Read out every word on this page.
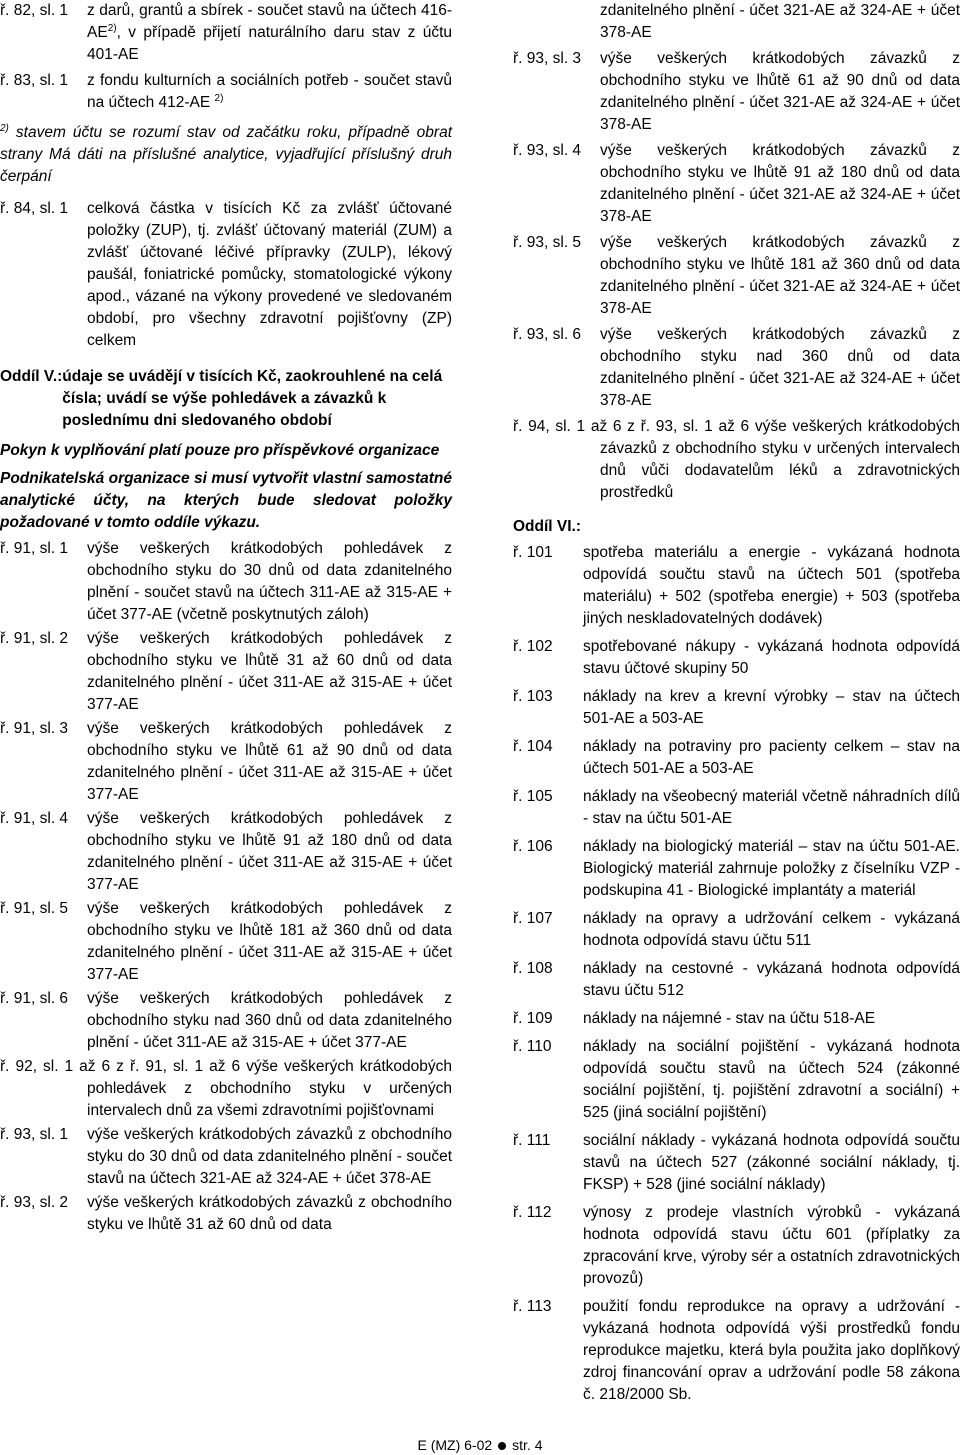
ř. 82, sl. 1 z darů, grantů a sbírek - součet stavů na účtech 416-AE$^{2)}$, v případě přijetí naturálního daru stav z účtu 401-AE
ř. 83, sl. 1 z fondu kulturních a sociálních potřeb - součet stavů na účtech 412-AE $^{2)}$
$^{2)}$ stavem účtu se rozumí stav od začátku roku, případně obrat strany Má dáti na příslušné analytice, vyjadřující příslušný druh čerpání
ř. 84, sl. 1 celková částka v tisících Kč za zvlášť účtované položky (ZUP), tj. zvlášť účtovaný materiál (ZUM) a zvlášť účtované léčivé přípravky (ZULP), lékový paušál, foniatrické pomůcky, stomatologické výkony apod., vázané na výkony provedené ve sledovaném období, pro všechny zdravotní pojišťovny (ZP) celkem
Oddíl V.: údaje se uvádějí v tisících Kč, zaokrouhlené na celá čísla; uvádí se výše pohledávek a závazků k poslednímu dni sledovaného období
Pokyn k vyplňování platí pouze pro příspěvkové organizace
Podnikatelská organizace si musí vytvořit vlastní samostatné analytické účty, na kterých bude sledovat položky požadované v tomto oddíle výkazu.
ř. 91, sl. 1 výše veškerých krátkodobých pohledávek z obchodního styku do 30 dnů od data zdanitelného plnění - součet stavů na účtech 311-AE až 315-AE + účet 377-AE (včetně poskytnutých záloh)
ř. 91, sl. 2 výše veškerých krátkodobých pohledávek z obchodního styku ve lhůtě 31 až 60 dnů od data zdanitelného plnění - účet 311-AE až 315-AE + účet 377-AE
ř. 91, sl. 3 výše veškerých krátkodobých pohledávek z obchodního styku ve lhůtě 61 až 90 dnů od data zdanitelného plnění - účet 311-AE až 315-AE + účet 377-AE
ř. 91, sl. 4 výše veškerých krátkodobých pohledávek z obchodního styku ve lhůtě 91 až 180 dnů od data zdanitelného plnění - účet 311-AE až 315-AE + účet 377-AE
ř. 91, sl. 5 výše veškerých krátkodobých pohledávek z obchodního styku ve lhůtě 181 až 360 dnů od data zdanitelného plnění - účet 311-AE až 315-AE + účet 377-AE
ř. 91, sl. 6 výše veškerých krátkodobých pohledávek z obchodního styku nad 360 dnů od data zdanitelného plnění - účet 311-AE až 315-AE + účet 377-AE
ř. 92, sl. 1 až 6 z ř. 91, sl. 1 až 6 výše veškerých krátkodobých pohledávek z obchodního styku v určených intervalech dnů za všemi zdravotními pojišťovnami
ř. 93, sl. 1 výše veškerých krátkodobých závazků z obchodního styku do 30 dnů od data zdanitelného plnění - součet stavů na účtech 321-AE až 324-AE + účet 378-AE
ř. 93, sl. 2 výše veškerých krátkodobých závazků z obchodního styku ve lhůtě 31 až 60 dnů od data
zdanitelného plnění - účet 321-AE až 324-AE + účet 378-AE
ř. 93, sl. 3 výše veškerých krátkodobých závazků z obchodního styku ve lhůtě 61 až 90 dnů od data zdanitelného plnění - účet 321-AE až 324-AE + účet 378-AE
ř. 93, sl. 4 výše veškerých krátkodobých závazků z obchodního styku ve lhůtě 91 až 180 dnů od data zdanitelného plnění - účet 321-AE až 324-AE + účet 378-AE
ř. 93, sl. 5 výše veškerých krátkodobých závazků z obchodního styku ve lhůtě 181 až 360 dnů od data zdanitelného plnění - účet 321-AE až 324-AE + účet 378-AE
ř. 93, sl. 6 výše veškerých krátkodobých závazků z obchodního styku nad 360 dnů od data zdanitelného plnění - účet 321-AE až 324-AE + účet 378-AE
ř. 94, sl. 1 až 6 z ř. 93, sl. 1 až 6 výše veškerých krátkodobých závazků z obchodního styku v určených intervalech dnů vůči dodavatelům léků a zdravotnických prostředků
Oddíl VI.:
ř. 101 spotřeba materiálu a energie - vykázaná hodnota odpovídá součtu stavů na účtech 501 (spotřeba materiálu) + 502 (spotřeba energie) + 503 (spotřeba jiných neskladovatelných dodávek)
ř. 102 spotřebované nákupy - vykázaná hodnota odpovídá stavu účtové skupiny 50
ř. 103 náklady na krev a krevní výrobky – stav na účtech 501-AE a 503-AE
ř. 104 náklady na potraviny pro pacienty celkem – stav na účtech 501-AE a 503-AE
ř. 105 náklady na všeobecný materiál včetně náhradních dílů - stav na účtu 501-AE
ř. 106 náklady na biologický materiál – stav na účtu 501-AE. Biologický materiál zahrnuje položky z číselníku VZP - podskupina 41 - Biologické implantáty a materiál
ř. 107 náklady na opravy a udržování celkem - vykázaná hodnota odpovídá stavu účtu 511
ř. 108 náklady na cestovné - vykázaná hodnota odpovídá stavu účtu 512
ř. 109 náklady na nájemné - stav na účtu 518-AE
ř. 110 náklady na sociální pojištění - vykázaná hodnota odpovídá součtu stavů na účtech 524 (zákonné sociální pojištění, tj. pojištění zdravotní a sociální) + 525 (jiná sociální pojištění)
ř. 111 sociální náklady - vykázaná hodnota odpovídá součtu stavů na účtech 527 (zákonné sociální náklady, tj. FKSP) + 528 (jiné sociální náklady)
ř. 112 výnosy z prodeje vlastních výrobků - vykázaná hodnota odpovídá stavu účtu 601 (příplatky za zpracování krve, výroby sér a ostatních zdravotnických provozů)
ř. 113 použití fondu reprodukce na opravy a udržování - vykázaná hodnota odpovídá výši prostředků fondu reprodukce majetku, která byla použita jako doplňkový zdroj financování oprav a udržování podle 58 zákona č. 218/2000 Sb.
E (MZ) 6-02 str. 4
